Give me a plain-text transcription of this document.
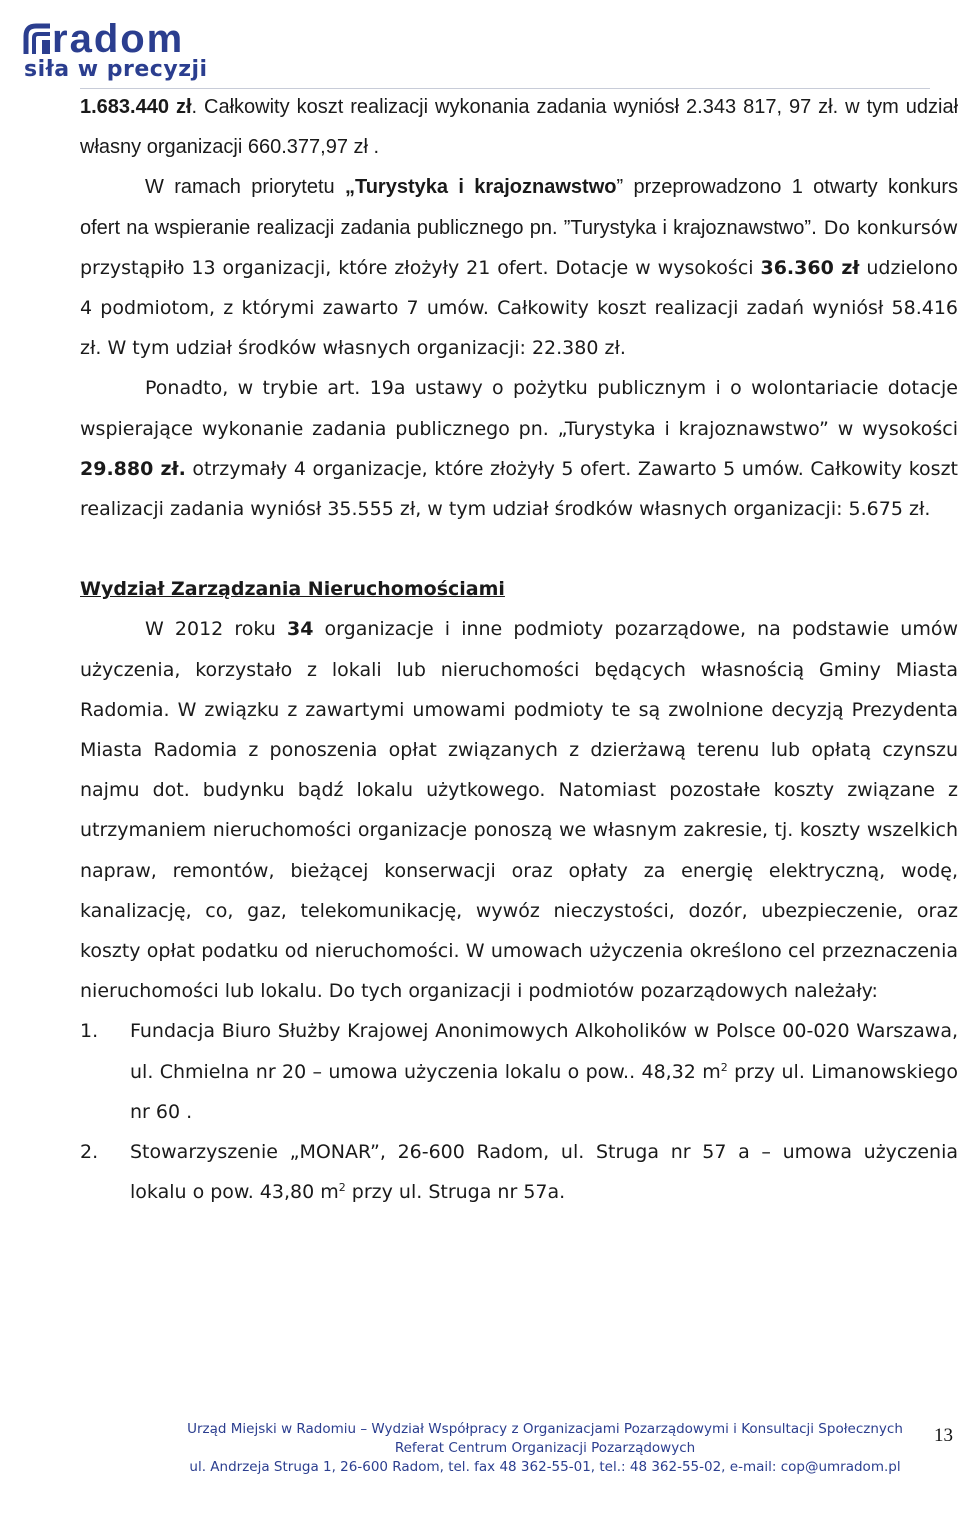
radom
siła w precyzji

1.683.440 zł. Całkowity koszt realizacji wykonania zadania wyniósł 2.343 817, 97 zł. w tym udział własny organizacji 660.377,97 zł .

W ramach priorytetu „Turystyka i krajoznawstwo” przeprowadzono 1 otwarty konkurs ofert na wspieranie realizacji zadania publicznego pn. ”Turystyka i krajoznawstwo”. Do konkursów przystąpiło 13 organizacji, które złożyły 21 ofert. Dotacje w wysokości 36.360 zł udzielono 4 podmiotom, z którymi zawarto 7 umów. Całkowity koszt realizacji zadań wyniósł 58.416 zł. W tym udział środków własnych organizacji: 22.380 zł.

Ponadto, w trybie art. 19a ustawy o pożytku publicznym i o wolontariacie dotacje wspierające wykonanie zadania publicznego pn. „Turystyka i krajoznawstwo” w wysokości 29.880 zł. otrzymały 4 organizacje, które złożyły 5 ofert. Zawarto 5 umów. Całkowity koszt realizacji zadania wyniósł 35.555 zł, w tym udział środków własnych organizacji: 5.675 zł.

Wydział Zarządzania Nieruchomościami

W 2012 roku 34 organizacje i inne podmioty pozarządowe, na podstawie umów użyczenia, korzystało z lokali lub nieruchomości będących własnością Gminy Miasta Radomia. W związku z zawartymi umowami podmioty te są zwolnione decyzją Prezydenta Miasta Radomia z ponoszenia opłat związanych z dzierżawą terenu lub opłatą czynszu najmu dot. budynku bądź lokalu użytkowego. Natomiast pozostałe koszty związane z utrzymaniem nieruchomości organizacje ponoszą we własnym zakresie, tj. koszty wszelkich napraw, remontów, bieżącej konserwacji oraz opłaty za energię elektryczną, wodę, kanalizację, co, gaz, telekomunikację, wywóz nieczystości, dozór, ubezpieczenie, oraz koszty opłat podatku od nieruchomości. W umowach użyczenia określono cel przeznaczenia nieruchomości lub lokalu. Do tych organizacji i podmiotów pozarządowych należały:

1.	Fundacja Biuro Służby Krajowej Anonimowych Alkoholików w Polsce 00-020 Warszawa, ul. Chmielna nr 20 – umowa użyczenia lokalu o pow.. 48,32 $m^2$ przy ul. Limanowskiego nr 60 .
2.	Stowarzyszenie „MONAR”, 26-600 Radom, ul. Struga nr 57 a – umowa użyczenia lokalu o pow. 43,80 $m^2$ przy ul. Struga nr 57a.
Urząd Miejski w Radomiu – Wydział Współpracy z Organizacjami Pozarządowymi i Konsultacji Społecznych
Referat Centrum Organizacji Pozarządowych
ul. Andrzeja Struga 1, 26-600 Radom, tel. fax 48 362-55-01, tel.: 48 362-55-02, e-mail: cop@umradom.pl
13
